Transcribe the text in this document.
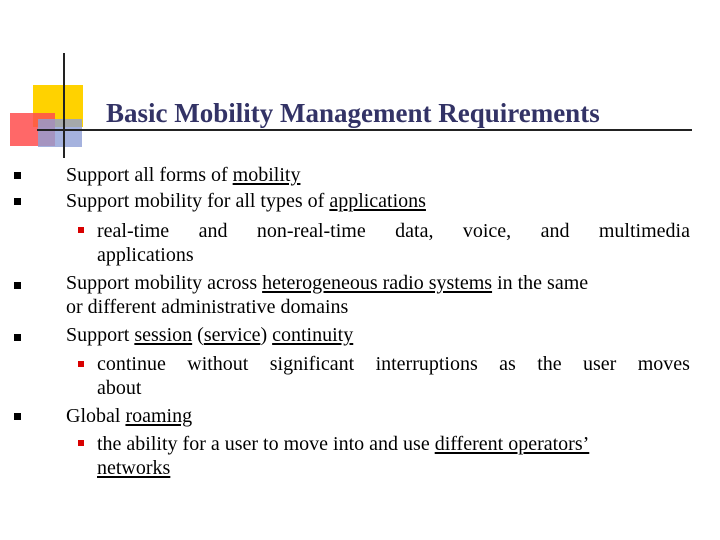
Basic Mobility Management Requirements
Support all forms of mobility
Support mobility for all types of applications
real-time and non-real-time data, voice, and multimedia
applications
Support mobility across heterogeneous radio systems in the same
or different administrative domains
Support session (service) continuity
continue without significant interruptions as the user moves
about
Global roaming
the ability for a user to move into and use different operators’
networks
